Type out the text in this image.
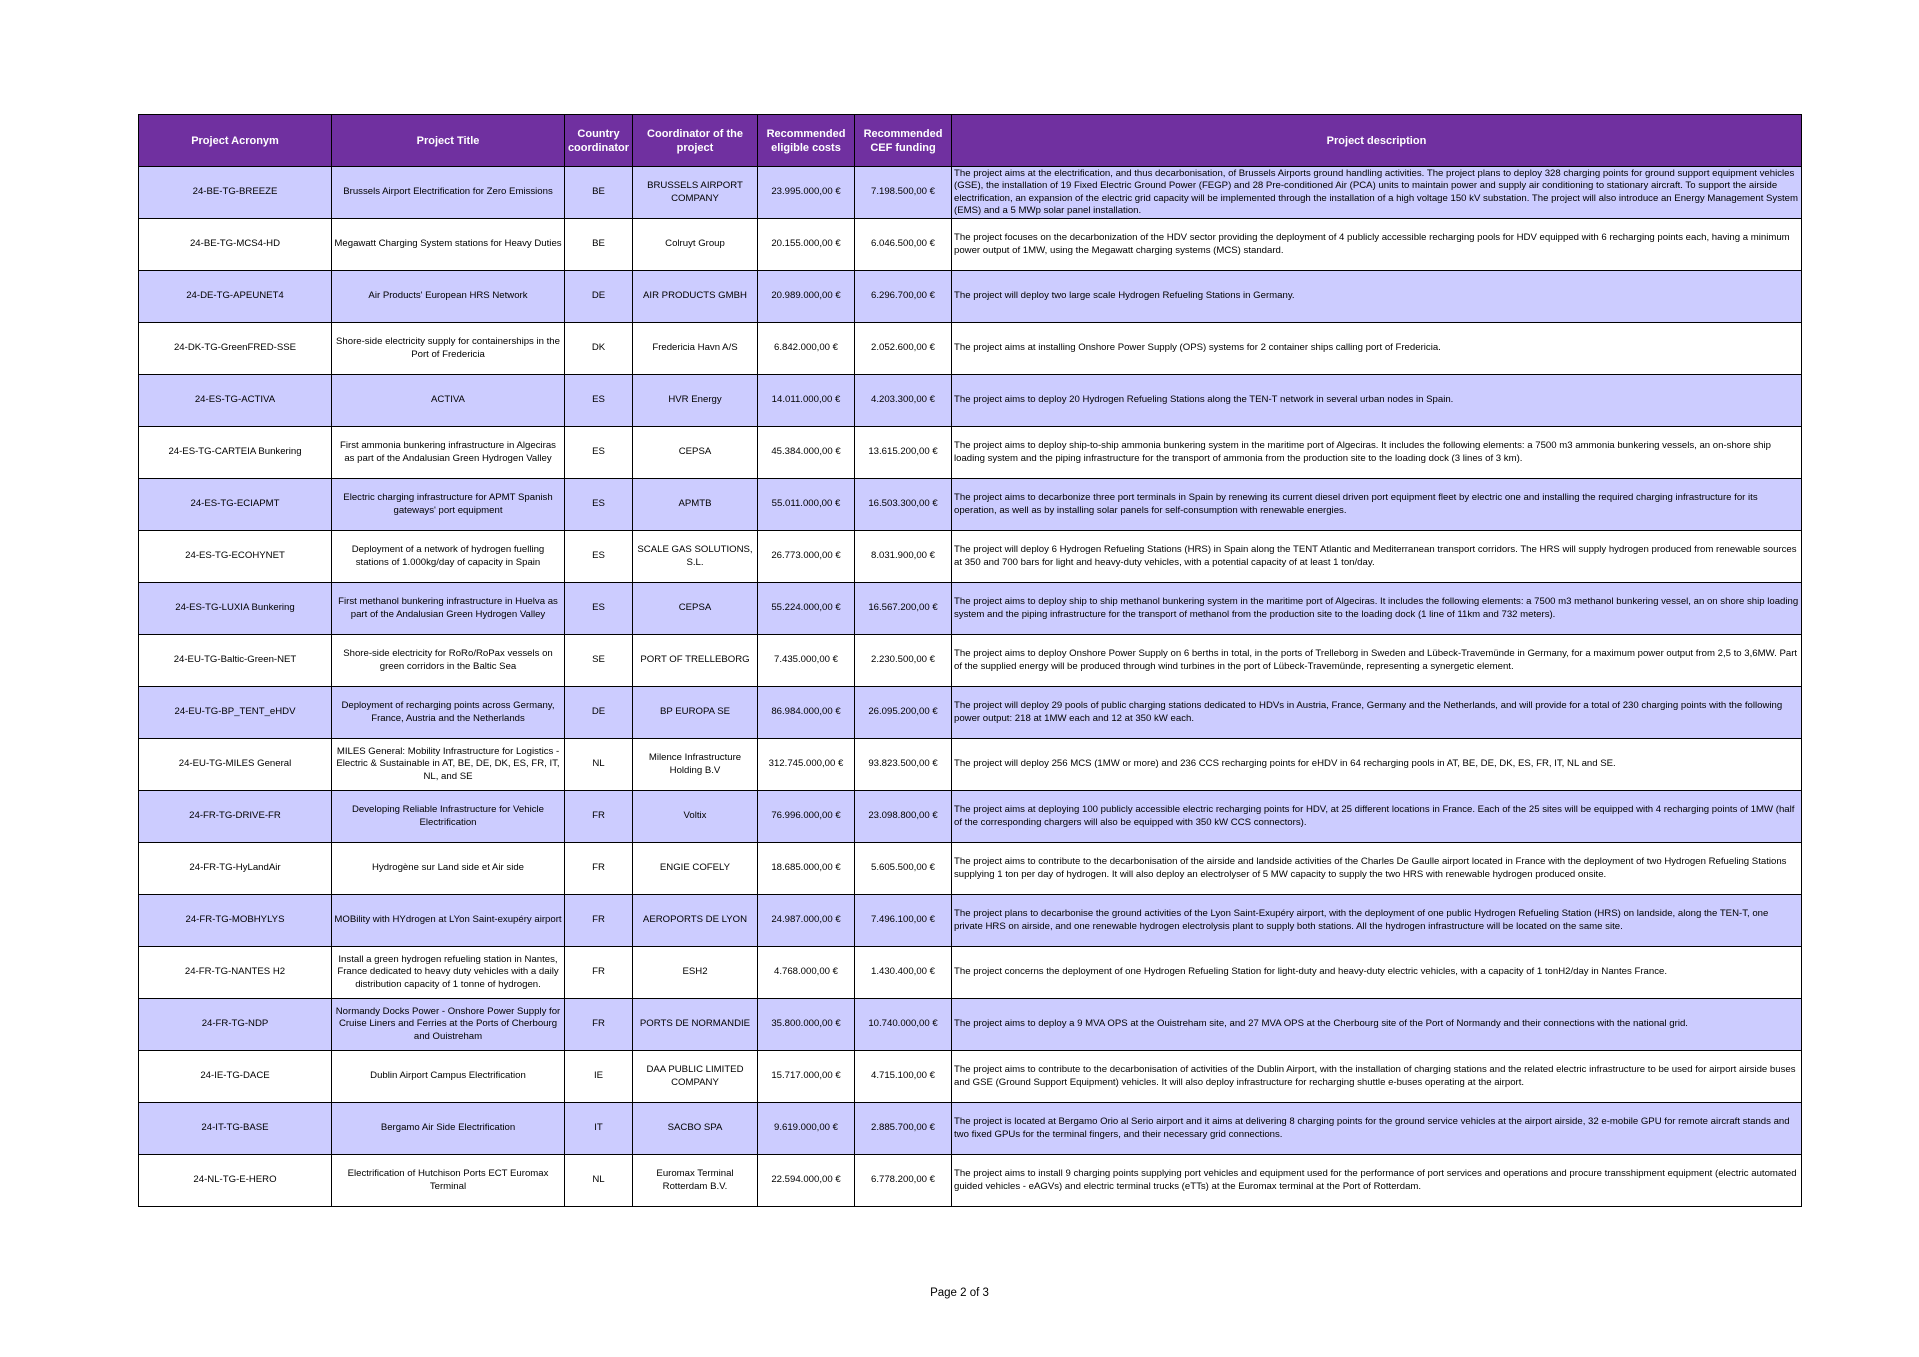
Project Acronym	Project Title	Country coordinator	Coordinator of the project	Recommended eligible costs	Recommended CEF funding	Project description
24-BE-TG-BREEZE	Brussels Airport Electrification for Zero Emissions	BE	BRUSSELS AIRPORT COMPANY	23.995.000,00 €	7.198.500,00 €	The project aims at the electrification, and thus decarbonisation, of Brussels Airports ground handling activities. The project plans to deploy 328 charging points for ground support equipment vehicles (GSE), the installation of 19 Fixed Electric Ground Power (FEGP) and 28 Pre-conditioned Air (PCA) units to maintain power and supply air conditioning to stationary aircraft. To support the airside electrification, an expansion of the electric grid capacity will be implemented through the installation of a high voltage 150 kV substation. The project will also introduce an Energy Management System (EMS) and a 5 MWp solar panel installation.
24-BE-TG-MCS4-HD	Megawatt Charging System stations for Heavy Duties	BE	Colruyt Group	20.155.000,00 €	6.046.500,00 €	The project focuses on the decarbonization of the HDV sector providing the deployment of 4 publicly accessible recharging pools for HDV equipped with 6 recharging points each, having a minimum power output of 1MW, using the Megawatt charging systems (MCS) standard.
24-DE-TG-APEUNET4	Air Products' European HRS Network	DE	AIR PRODUCTS GMBH	20.989.000,00 €	6.296.700,00 €	The project will deploy two large scale Hydrogen Refueling Stations in Germany.
24-DK-TG-GreenFRED-SSE	Shore-side electricity supply for containerships in the Port of Fredericia	DK	Fredericia Havn A/S	6.842.000,00 €	2.052.600,00 €	The project aims at installing Onshore Power Supply (OPS) systems for 2 container ships calling port of Fredericia.
24-ES-TG-ACTIVA	ACTIVA	ES	HVR Energy	14.011.000,00 €	4.203.300,00 €	The project aims to deploy 20 Hydrogen Refueling Stations along the TEN-T network in several urban nodes in Spain.
24-ES-TG-CARTEIA Bunkering	First ammonia bunkering infrastructure in Algeciras as part of the Andalusian Green Hydrogen Valley	ES	CEPSA	45.384.000,00 €	13.615.200,00 €	The project aims to deploy ship-to-ship ammonia bunkering system in the maritime port of Algeciras. It includes the following elements: a 7500 m3 ammonia bunkering vessels, an on-shore ship loading system and the piping infrastructure for the transport of ammonia from the production site to the loading dock (3 lines of 3 km).
24-ES-TG-ECIAPMT	Electric charging infrastructure for APMT Spanish gateways' port equipment	ES	APMTB	55.011.000,00 €	16.503.300,00 €	The project aims to decarbonize three port terminals in Spain by renewing its current diesel driven port equipment fleet by electric one and installing the required charging infrastructure for its operation, as well as by installing solar panels for self-consumption with renewable energies.
24-ES-TG-ECOHYNET	Deployment of a network of hydrogen fuelling stations of 1.000kg/day of capacity in Spain	ES	SCALE GAS SOLUTIONS, S.L.	26.773.000,00 €	8.031.900,00 €	The project will deploy 6 Hydrogen Refueling Stations (HRS) in Spain along the TENT Atlantic and Mediterranean transport corridors. The HRS will supply hydrogen produced from renewable sources at 350 and 700 bars for light and heavy-duty vehicles, with a potential capacity of at least 1 ton/day.
24-ES-TG-LUXIA Bunkering	First methanol bunkering infrastructure in Huelva as part of the Andalusian Green Hydrogen Valley	ES	CEPSA	55.224.000,00 €	16.567.200,00 €	The project aims to deploy ship to ship methanol bunkering system in the maritime port of Algeciras. It includes the following elements: a 7500 m3 methanol bunkering vessel, an on shore ship loading system and the piping infrastructure for the transport of methanol from the production site to the loading dock (1 line of 11km and 732 meters).
24-EU-TG-Baltic-Green-NET	Shore-side electricity for RoRo/RoPax vessels on green corridors in the Baltic Sea	SE	PORT OF TRELLEBORG	7.435.000,00 €	2.230.500,00 €	The project aims to deploy Onshore Power Supply on 6 berths in total, in the ports of Trelleborg in Sweden and Lübeck-Travemünde in Germany, for a maximum power output from 2,5 to 3,6MW. Part of the supplied energy will be produced through wind turbines in the port of Lübeck-Travemünde, representing a synergetic element.
24-EU-TG-BP_TENT_eHDV	Deployment of recharging points across Germany, France, Austria and the Netherlands	DE	BP EUROPA SE	86.984.000,00 €	26.095.200,00 €	The project will deploy 29 pools of public charging stations dedicated to HDVs in Austria, France, Germany and the Netherlands, and will provide for a total of 230 charging points with the following power output: 218 at 1MW each and 12 at 350 kW each.
24-EU-TG-MILES General	MILES General: Mobility Infrastructure for Logistics - Electric & Sustainable in AT, BE, DE, DK, ES, FR, IT, NL, and SE	NL	Milence Infrastructure Holding B.V	312.745.000,00 €	93.823.500,00 €	The project will deploy 256 MCS (1MW or more) and 236 CCS recharging points for eHDV in 64 recharging pools in AT, BE, DE, DK, ES, FR, IT, NL and SE.
24-FR-TG-DRIVE-FR	Developing Reliable Infrastructure for Vehicle Electrification	FR	Voltix	76.996.000,00 €	23.098.800,00 €	The project aims at deploying 100 publicly accessible electric recharging points for HDV, at 25 different locations in France. Each of the 25 sites will be equipped with 4 recharging points of 1MW (half of the corresponding chargers will also be equipped with 350 kW CCS connectors).
24-FR-TG-HyLandAir	Hydrogène sur Land side et Air side	FR	ENGIE COFELY	18.685.000,00 €	5.605.500,00 €	The project aims to contribute to the decarbonisation of the airside and landside activities of the Charles De Gaulle airport located in France with the deployment of two Hydrogen Refueling Stations supplying 1 ton per day of hydrogen. It will also deploy an electrolyser of 5 MW capacity to supply the two HRS with renewable hydrogen produced onsite.
24-FR-TG-MOBHYLYS	MOBility with HYdrogen at LYon Saint-exupéry airport	FR	AEROPORTS DE LYON	24.987.000,00 €	7.496.100,00 €	The project plans to decarbonise the ground activities of the Lyon Saint-Exupéry airport, with the deployment of one public Hydrogen Refueling Station (HRS) on landside, along the TEN-T, one private HRS on airside, and one renewable hydrogen electrolysis plant to supply both stations. All the hydrogen infrastructure will be located on the same site.
24-FR-TG-NANTES H2	Install a green hydrogen refueling station in Nantes, France dedicated to heavy duty vehicles with a daily distribution capacity of 1 tonne of hydrogen.	FR	ESH2	4.768.000,00 €	1.430.400,00 €	The project concerns the deployment of one Hydrogen Refueling Station for light-duty and heavy-duty electric vehicles, with a capacity of 1 tonH2/day in Nantes France.
24-FR-TG-NDP	Normandy Docks Power - Onshore Power Supply for Cruise Liners and Ferries at the Ports of Cherbourg and Ouistreham	FR	PORTS DE NORMANDIE	35.800.000,00 €	10.740.000,00 €	The project aims to deploy a 9 MVA OPS at the Ouistreham site, and 27 MVA OPS at the Cherbourg site of the Port of Normandy and their connections with the national grid.
24-IE-TG-DACE	Dublin Airport Campus Electrification	IE	DAA PUBLIC LIMITED COMPANY	15.717.000,00 €	4.715.100,00 €	The project aims to contribute to the decarbonisation of activities of the Dublin Airport, with the installation of charging stations and the related electric infrastructure to be used for airport airside buses and GSE (Ground Support Equipment) vehicles. It will also deploy infrastructure for recharging shuttle e-buses operating at the airport.
24-IT-TG-BASE	Bergamo Air Side Electrification	IT	SACBO SPA	9.619.000,00 €	2.885.700,00 €	The project is located at Bergamo Orio al Serio airport and it aims at delivering 8 charging points for the ground service vehicles at the airport airside, 32 e-mobile GPU for remote aircraft stands and two fixed GPUs for the terminal fingers, and their necessary grid connections.
24-NL-TG-E-HERO	Electrification of Hutchison Ports ECT Euromax Terminal	NL	Euromax Terminal Rotterdam B.V.	22.594.000,00 €	6.778.200,00 €	The project aims to install 9 charging points supplying port vehicles and equipment used for the performance of port services and operations and procure transshipment equipment (electric automated guided vehicles - eAGVs) and electric terminal trucks (eTTs) at the Euromax terminal at the Port of Rotterdam.
Page 2 of 3
